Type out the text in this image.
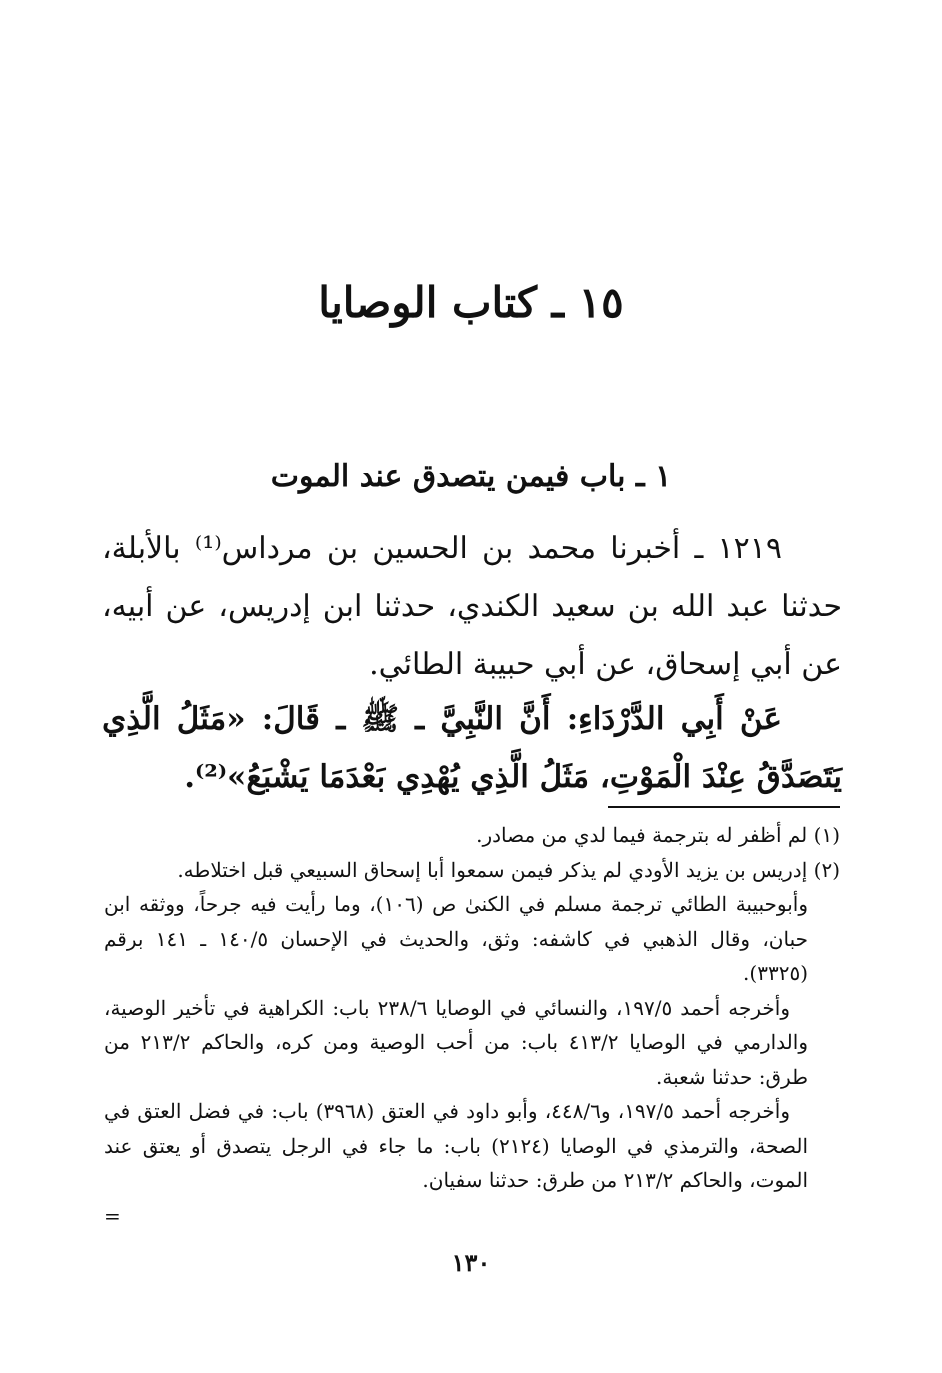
١٥ ـ كتاب الوصايا
١ ـ باب فيمن يتصدق عند الموت

١٢١٩ ـ أخبرنا محمد بن الحسين بن مرداس⁽¹⁾ بالأبلة، حدثنا عبد الله بن سعيد الكندي، حدثنا ابن إدريس، عن أبيه، عن أبي إسحاق، عن أبي حبيبة الطائي.

عَنْ أَبِي الدَّرْدَاءِ: أَنَّ النَّبِيَّ ـ ﷺ ـ قَالَ: «مَثَلُ الَّذِي يَتَصَدَّقُ عِنْدَ الْمَوْتِ، مَثَلُ الَّذِي يُهْدِي بَعْدَمَا يَشْبَعُ»⁽²⁾.

(١) لم أظفر له بترجمة فيما لدي من مصادر.

(٢) إدريس بن يزيد الأودي لم يذكر فيمن سمعوا أبا إسحاق السبيعي قبل اختلاطه.

وأبوحبيبة الطائي ترجمة مسلم في الكنىٰ ص (١٠٦)، وما رأيت فيه جرحاً، ووثقه ابن حبان، وقال الذهبي في كاشفه: وثق، والحديث في الإحسان ١٤٠/٥ ـ ١٤١ برقم (٣٣٢٥).

وأخرجه أحمد ١٩٧/٥، والنسائي في الوصايا ٢٣٨/٦ باب: الكراهية في تأخير الوصية، والدارمي في الوصايا ٤١٣/٢ باب: من أحب الوصية ومن كره، والحاكم ٢١٣/٢ من طرق: حدثنا شعبة.

وأخرجه أحمد ١٩٧/٥، و٤٤٨/٦، وأبو داود في العتق (٣٩٦٨) باب: في فضل العتق في الصحة، والترمذي في الوصايا (٢١٢٤) باب: ما جاء في الرجل يتصدق أو يعتق عند الموت، والحاكم ٢١٣/٢ من طرق: حدثنا سفيان.

=
١٣٠
